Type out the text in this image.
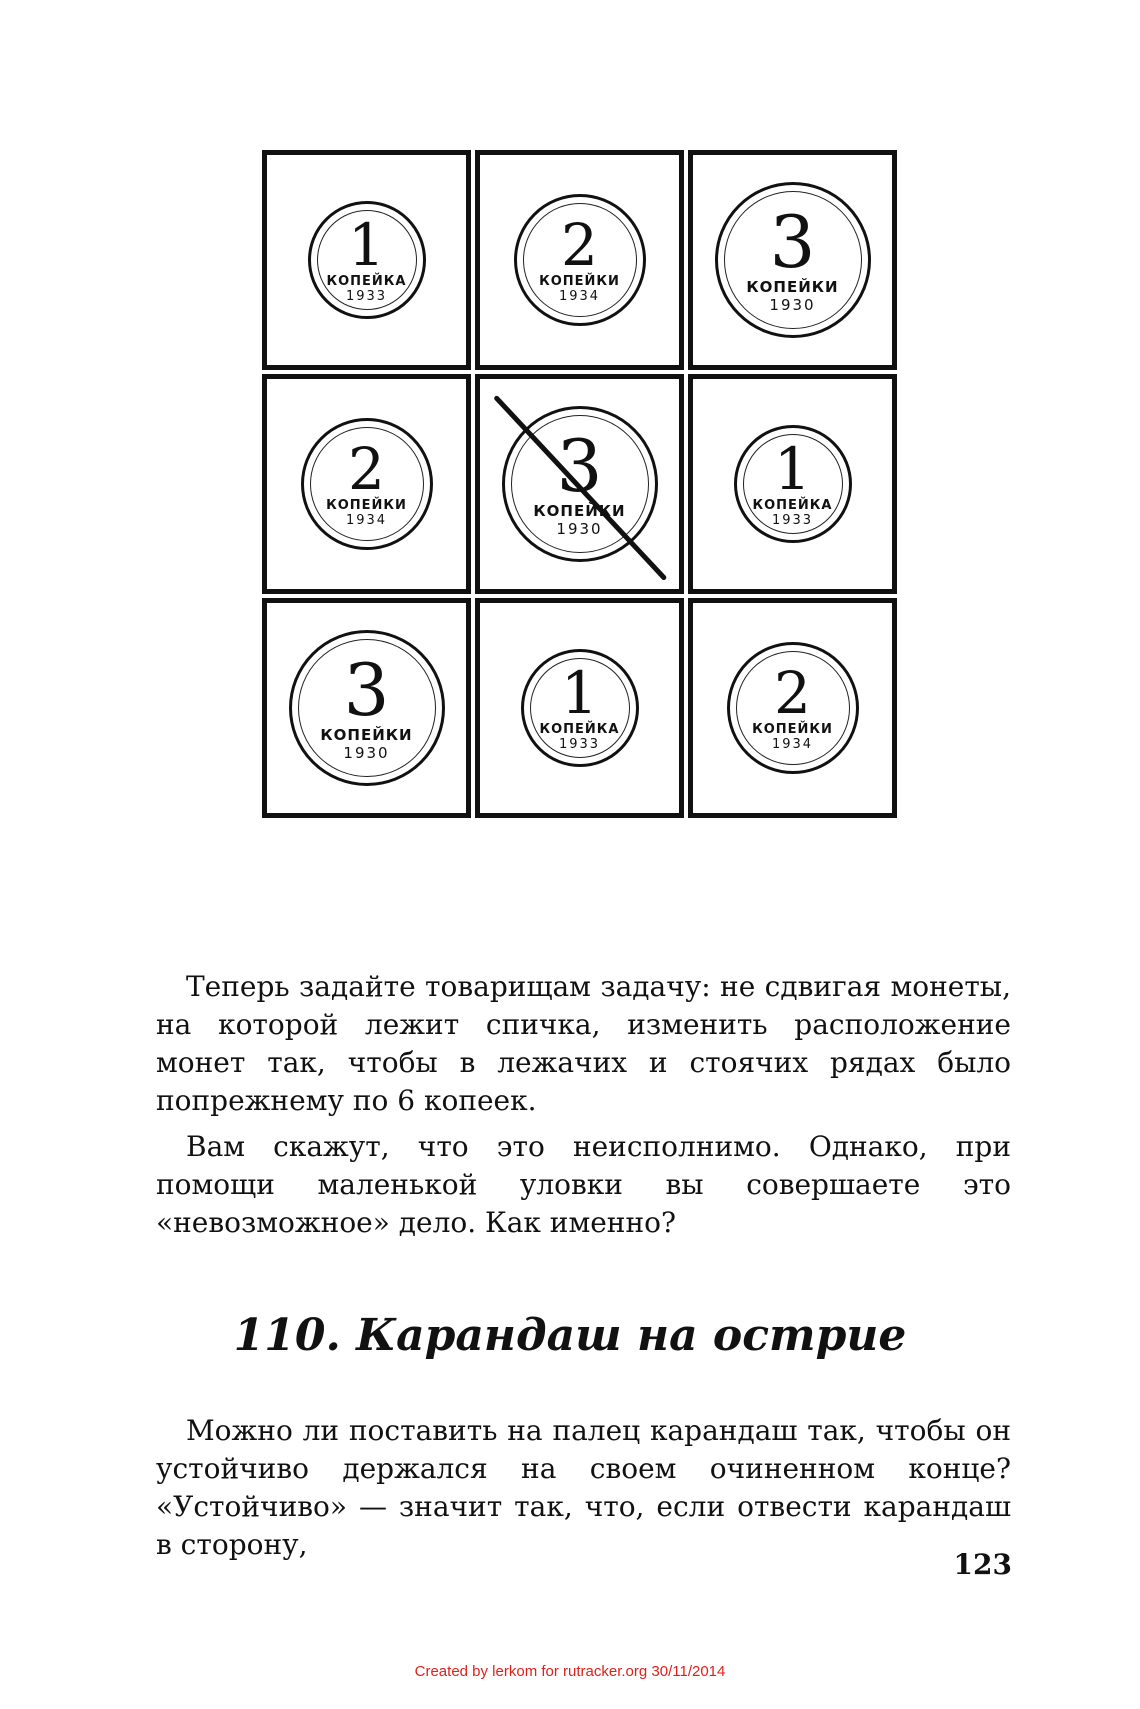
1
КОПЕЙКА
1933
2
КОПЕЙКИ
1934
3
КОПЕЙКИ
1930
2
КОПЕЙКИ
1934
3
КОПЕЙКИ
1930
1
КОПЕЙКА
1933
3
КОПЕЙКИ
1930
1
КОПЕЙКА
1933
2
КОПЕЙКИ
1934

Теперь задайте товарищам задачу: не сдвигая монеты, на которой лежит спичка, изменить расположение монет так, чтобы в лежачих и стоячих рядах было попрежнему по 6 копеек.

Вам скажут, что это неисполнимо. Однако, при помощи маленькой уловки вы совершаете это «невозможное» дело. Как именно?

110. Карандаш на острие

Можно ли поставить на палец карандаш так, чтобы он устойчиво держался на своем очиненном конце? «Устойчиво» — значит так, что, если отвести карандаш в сторону,

123
Created by lerkom for rutracker.org 30/11/2014
